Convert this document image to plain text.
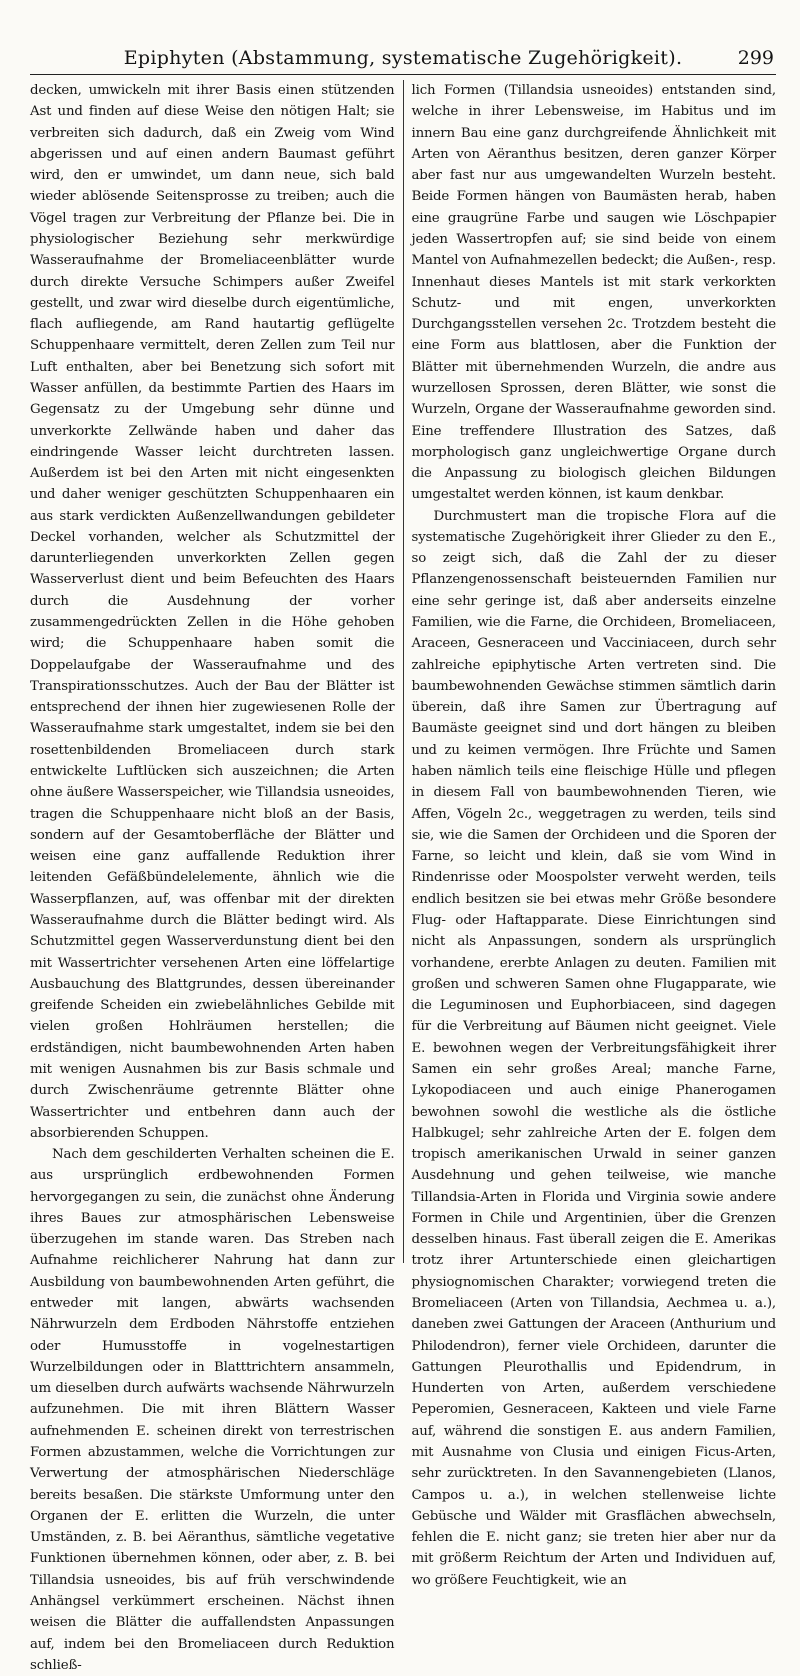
Epiphyten (Abstammung, systematische Zugehörigkeit).	299

decken, umwickeln mit ihrer Basis einen stützenden Ast und finden auf diese Weise den nötigen Halt; sie verbreiten sich dadurch, daß ein Zweig vom Wind abgerissen und auf einen andern Baumast geführt wird, den er umwindet, um dann neue, sich bald wieder ablösende Seitensprosse zu treiben; auch die Vögel tragen zur Verbreitung der Pflanze bei. Die in physiologischer Beziehung sehr merkwürdige Wasseraufnahme der Bromeliaceenblätter wurde durch direkte Versuche Schimpers außer Zweifel gestellt, und zwar wird dieselbe durch eigentümliche, flach aufliegende, am Rand hautartig geflügelte Schuppenhaare vermittelt, deren Zellen zum Teil nur Luft enthalten, aber bei Benetzung sich sofort mit Wasser anfüllen, da bestimmte Partien des Haars im Gegensatz zu der Umgebung sehr dünne und unverkorkte Zellwände haben und daher das eindringende Wasser leicht durchtreten lassen. Außerdem ist bei den Arten mit nicht eingesenkten und daher weniger geschützten Schuppenhaaren ein aus stark verdickten Außenzellwandungen gebildeter Deckel vorhanden, welcher als Schutzmittel der darunterliegenden unverkorkten Zellen gegen Wasserverlust dient und beim Befeuchten des Haars durch die Ausdehnung der vorher zusammengedrückten Zellen in die Höhe gehoben wird; die Schuppenhaare haben somit die Doppelaufgabe der Wasseraufnahme und des Transpirationsschutzes. Auch der Bau der Blätter ist entsprechend der ihnen hier zugewiesenen Rolle der Wasseraufnahme stark umgestaltet, indem sie bei den rosettenbildenden Bromeliaceen durch stark entwickelte Luftlücken sich auszeichnen; die Arten ohne äußere Wasserspeicher, wie Tillandsia usneoides, tragen die Schuppenhaare nicht bloß an der Basis, sondern auf der Gesamtoberfläche der Blätter und weisen eine ganz auffallende Reduktion ihrer leitenden Gefäßbündelelemente, ähnlich wie die Wasserpflanzen, auf, was offenbar mit der direkten Wasseraufnahme durch die Blätter bedingt wird. Als Schutzmittel gegen Wasserverdunstung dient bei den mit Wassertrichter versehenen Arten eine löffelartige Ausbauchung des Blattgrundes, dessen übereinander greifende Scheiden ein zwiebelähnliches Gebilde mit vielen großen Hohlräumen herstellen; die erdständigen, nicht baumbewohnenden Arten haben mit wenigen Ausnahmen bis zur Basis schmale und durch Zwischenräume getrennte Blätter ohne Wassertrichter und entbehren dann auch der absorbierenden Schuppen.

Nach dem geschilderten Verhalten scheinen die E. aus ursprünglich erdbewohnenden Formen hervorgegangen zu sein, die zunächst ohne Änderung ihres Baues zur atmosphärischen Lebensweise überzugehen im stande waren. Das Streben nach Aufnahme reichlicherer Nahrung hat dann zur Ausbildung von baumbewohnenden Arten geführt, die entweder mit langen, abwärts wachsenden Nährwurzeln dem Erdboden Nährstoffe entziehen oder Humusstoffe in vogelnestartigen Wurzelbildungen oder in Blatttrichtern ansammeln, um dieselben durch aufwärts wachsende Nährwurzeln aufzunehmen. Die mit ihren Blättern Wasser aufnehmenden E. scheinen direkt von terrestrischen Formen abzustammen, welche die Vorrichtungen zur Verwertung der atmosphärischen Niederschläge bereits besaßen. Die stärkste Umformung unter den Organen der E. erlitten die Wurzeln, die unter Umständen, z. B. bei Aëranthus, sämtliche vegetative Funktionen übernehmen können, oder aber, z. B. bei Tillandsia usneoides, bis auf früh verschwindende Anhängsel verkümmert erscheinen. Nächst ihnen weisen die Blätter die auffallendsten Anpassungen auf, indem bei den Bromeliaceen durch Reduktion schließ-

lich Formen (Tillandsia usneoides) entstanden sind, welche in ihrer Lebensweise, im Habitus und im innern Bau eine ganz durchgreifende Ähnlichkeit mit Arten von Aëranthus besitzen, deren ganzer Körper aber fast nur aus umgewandelten Wurzeln besteht. Beide Formen hängen von Baumästen herab, haben eine graugrüne Farbe und saugen wie Löschpapier jeden Wassertropfen auf; sie sind beide von einem Mantel von Aufnahmezellen bedeckt; die Außen-, resp. Innenhaut dieses Mantels ist mit stark verkorkten Schutz- und mit engen, unverkorkten Durchgangsstellen versehen 2c. Trotzdem besteht die eine Form aus blattlosen, aber die Funktion der Blätter mit übernehmenden Wurzeln, die andre aus wurzellosen Sprossen, deren Blätter, wie sonst die Wurzeln, Organe der Wasseraufnahme geworden sind. Eine treffendere Illustration des Satzes, daß morphologisch ganz ungleichwertige Organe durch die Anpassung zu biologisch gleichen Bildungen umgestaltet werden können, ist kaum denkbar.

Durchmustert man die tropische Flora auf die systematische Zugehörigkeit ihrer Glieder zu den E., so zeigt sich, daß die Zahl der zu dieser Pflanzengenossenschaft beisteuernden Familien nur eine sehr geringe ist, daß aber anderseits einzelne Familien, wie die Farne, die Orchideen, Bromeliaceen, Araceen, Gesneraceen und Vacciniaceen, durch sehr zahlreiche epiphytische Arten vertreten sind. Die baumbewohnenden Gewächse stimmen sämtlich darin überein, daß ihre Samen zur Übertragung auf Baumäste geeignet sind und dort hängen zu bleiben und zu keimen vermögen. Ihre Früchte und Samen haben nämlich teils eine fleischige Hülle und pflegen in diesem Fall von baumbewohnenden Tieren, wie Affen, Vögeln 2c., weggetragen zu werden, teils sind sie, wie die Samen der Orchideen und die Sporen der Farne, so leicht und klein, daß sie vom Wind in Rindenrisse oder Moospolster verweht werden, teils endlich besitzen sie bei etwas mehr Größe besondere Flug- oder Haftapparate. Diese Einrichtungen sind nicht als Anpassungen, sondern als ursprünglich vorhandene, ererbte Anlagen zu deuten. Familien mit großen und schweren Samen ohne Flugapparate, wie die Leguminosen und Euphorbiaceen, sind dagegen für die Verbreitung auf Bäumen nicht geeignet. Viele E. bewohnen wegen der Verbreitungsfähigkeit ihrer Samen ein sehr großes Areal; manche Farne, Lykopodiaceen und auch einige Phanerogamen bewohnen sowohl die westliche als die östliche Halbkugel; sehr zahlreiche Arten der E. folgen dem tropisch amerikanischen Urwald in seiner ganzen Ausdehnung und gehen teilweise, wie manche Tillandsia-Arten in Florida und Virginia sowie andere Formen in Chile und Argentinien, über die Grenzen desselben hinaus. Fast überall zeigen die E. Amerikas trotz ihrer Artunterschiede einen gleichartigen physiognomischen Charakter; vorwiegend treten die Bromeliaceen (Arten von Tillandsia, Aechmea u. a.), daneben zwei Gattungen der Araceen (Anthurium und Philodendron), ferner viele Orchideen, darunter die Gattungen Pleurothallis und Epidendrum, in Hunderten von Arten, außerdem verschiedene Peperomien, Gesneraceen, Kakteen und viele Farne auf, während die sonstigen E. aus andern Familien, mit Ausnahme von Clusia und einigen Ficus-Arten, sehr zurücktreten. In den Savannengebieten (Llanos, Campos u. a.), in welchen stellenweise lichte Gebüsche und Wälder mit Grasflächen abwechseln, fehlen die E. nicht ganz; sie treten hier aber nur da mit größerm Reichtum der Arten und Individuen auf, wo größere Feuchtigkeit, wie an
